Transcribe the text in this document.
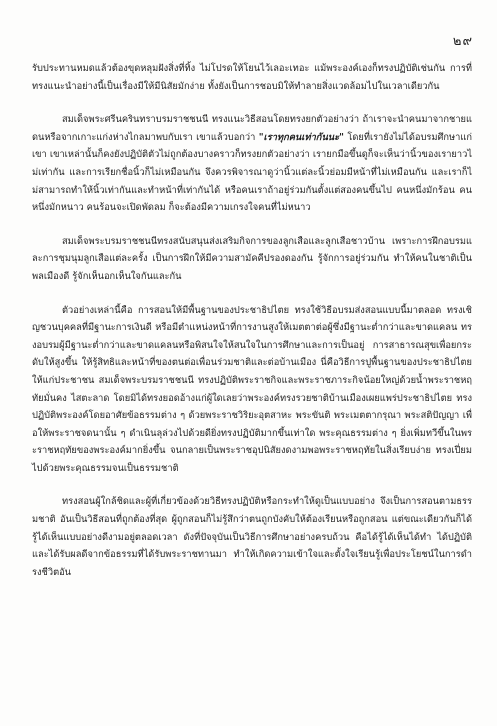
๒๙

รับประทานหมดแล้วต้องขุดหลุมฝังสิ่งที่ทิ้ง ไม่โปรดให้โยนไว้เลอะเทอะ แม้พระองค์เองก็ทรงปฏิบัติเช่นกัน การที่ทรงแนะนำอย่างนี้เป็นเรื่องมีให้มีนิสัยมักง่าย ทั้งยังเป็นการชอบมิให้ทำลายสิ่งแวดล้อมไปในเวลาเดียวกัน

สมเด็จพระศรีนครินทราบรมราชชนนี ทรงแนะวิธีสอนโดยทรงยกตัวอย่างว่า ถ้าเราจะนำคนมาจากชายแดนหรือจากเกาะแก่งห่างไกลมาพบกับเรา เขาแล้วบอกว่า "เราทุกคนเท่ากันนะ" โดยที่เรายังไม่ได้อบรมศึกษาแก่เขา เขาเหล่านั้นก็คงยังปฏิบัติตัวไม่ถูกต้องบางคราวก็ทรงยกตัวอย่างว่า เรายกมือขึ้นดูก็จะเห็นว่านิ้วของเรายาวไม่เท่ากัน และการเรียกชื่อนิ้วก็ไม่เหมือนกัน จึงควรพิจารณาดูว่านิ้วแต่ละนิ้วย่อมมีหน้าที่ไม่เหมือนกัน และเราก็ไม่สามารถทำให้นิ้วเท่ากันและทำหน้าที่เท่ากันได้ หรือคนเราถ้าอยู่ร่วมกันตั้งแต่สองคนขึ้นไป คนหนึ่งมักร้อน คนหนึ่งมักหนาว คนร้อนจะเปิดพัดลม ก็จะต้องมีความเกรงใจคนที่ไม่หนาว

สมเด็จพระบรมราชชนนีทรงสนับสนุนส่งเสริมกิจการของลูกเสือและลูกเสือชาวบ้าน เพราะการฝึกอบรมและการชุมนุมลูกเสือแต่ละครั้ง เป็นการฝึกให้มีความสามัคคีปรองดองกัน รู้จักการอยู่ร่วมกัน ทำให้คนในชาติเป็นพลเมืองดี รู้จักเห็นอกเห็นใจกันและกัน

ตัวอย่างเหล่านี้คือ การสอนให้มีพื้นฐานของประชาธิปไตย ทรงใช้วิธีอบรมส่งสอนแบบนี้มาตลอด ทรงเชิญชวนบุคคลที่มีฐานะการเงินดี หรือมีตำแหน่งหน้าที่การงานสูงให้เมตตาต่อผู้ซึ่งมีฐานะต่ำกว่าและขาดแคลน ทรงอบรมผู้มีฐานะต่ำกว่าและขาดแคลนหรือพิสนใจให้สนใจในการศึกษาและการเป็นอยู่ การสาธารณสุขเพื่อยกระดับให้สูงขึ้น ให้รู้สิทธิและหน้าที่ของตนต่อเพื่อนร่วมชาติและต่อบ้านเมือง นี่คือวิธีการปูพื้นฐานของประชาธิปไตยให้แก่ประชาชน สมเด็จพระบรมราชชนนี ทรงปฏิบัติพระราชกิจและพระราชภาระกิจน้อยใหญ่ด้วยน้ำพระราชหฤทัยมั่นคง ไสตะลาด โดยมิได้ทรงยอดอ้างแก่ผู้ใดเลยว่าพระองค์ทรงรวยชาติบ้านเมืองเผยแพร่ประชาธิปไตย ทรงปฏิบัติพระองค์โดยอาศัยข้อธรรมต่าง ๆ ด้วยพระราชวิริยะอุตสาหะ พระขันติ พระเมตตากรุณา พระสติปัญญา เพื่อให้พระราชจดนานั้น ๆ ดำเนินลุล่วงไปด้วยดียิ่งทรงปฏิบัติมากขึ้นเท่าใด พระคุณธรรมต่าง ๆ ยิ่งเพิ่มทวีขึ้นในพระราชหฤทัยของพระองค์มากยิ่งขึ้น จนกลายเป็นพระราชอุปนิสัยงดงามพอพระราชหฤทัยในสิ่งเรียบง่าย ทรงเปี่ยมไปด้วยพระคุณธรรมจนเป็นธรรมชาติ

ทรงสอนผู้ใกล้ชิดและผู้ที่เกี่ยวข้องด้วยวิธีทรงปฏิบัติหรือกระทำให้ดูเป็นแบบอย่าง จึงเป็นการสอนตามธรรมชาติ อันเป็นวิธีสอนที่ถูกต้องที่สุด ผู้ถูกสอนก็ไม่รู้สึกว่าตนถูกบังคับให้ต้องเรียนหรือถูกสอน แต่ขณะเดียวกันก็ได้รู้ได้เห็นแบบอย่างดีงามอยู่ตลอดเวลา ดังที่ปัจจุบันเป็นวิธีการศึกษาอย่างครบถ้วน คือได้รู้ได้เห็นได้ทำ ได้ปฏิบัติ และได้รับผลดีจากข้อธรรมที่ได้รับพระราชทานมา ทำให้เกิดความเข้าใจและตั้งใจเรียนรู้เพื่อประโยชน์ในการดำรงชีวิตอัน
